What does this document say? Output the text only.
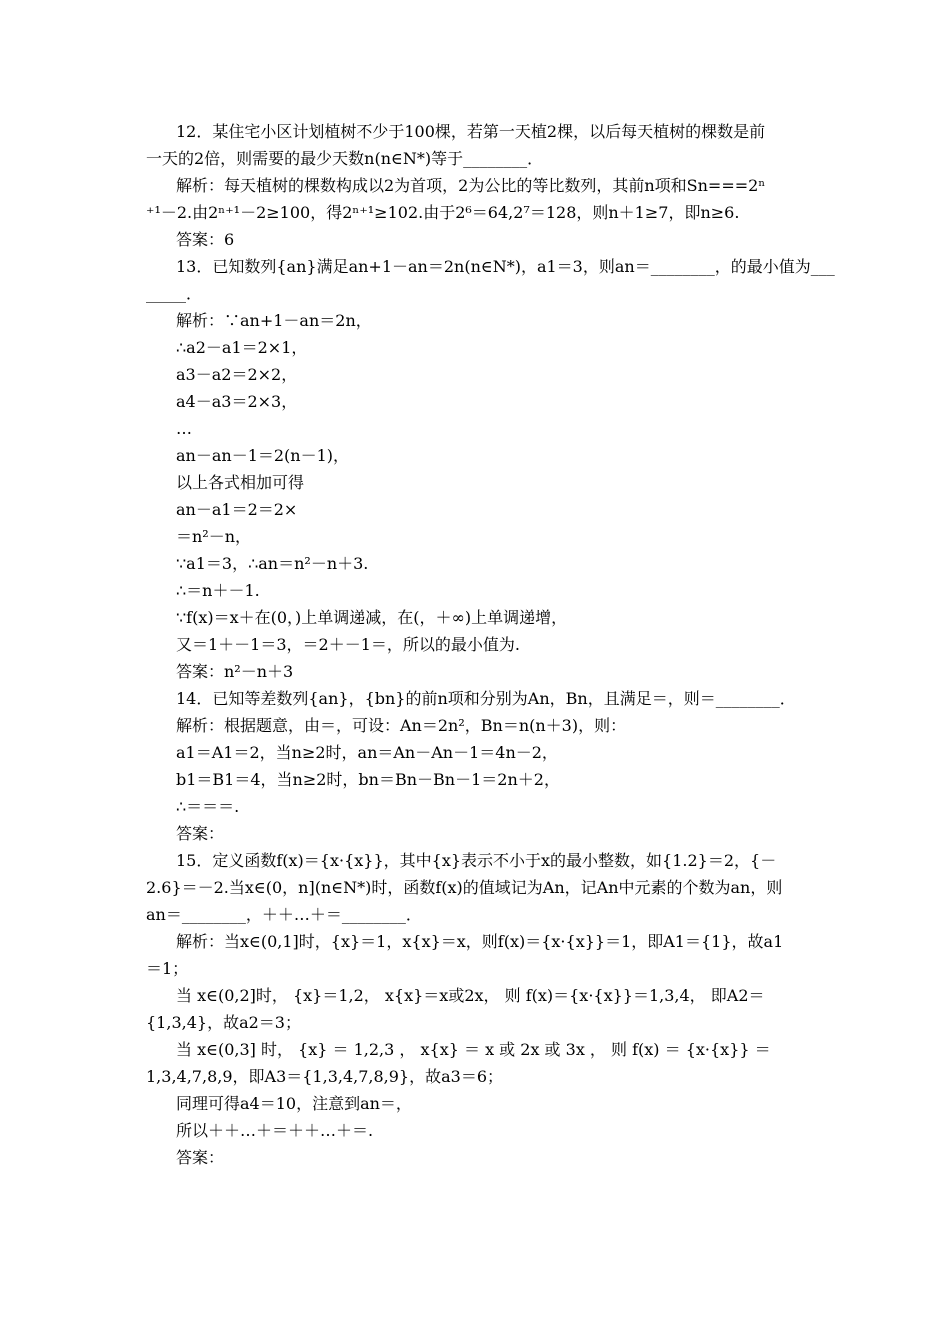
12．某住宅小区计划植树不少于100棵，若第一天植2棵，以后每天植树的棵数是前
一天的2倍，则需要的最少天数n(n∈N*)等于________．
解析：每天植树的棵数构成以2为首项，2为公比的等比数列，其前n项和Sn===2ⁿ
⁺¹－2.由2ⁿ⁺¹－2≥100，得2ⁿ⁺¹≥102.由于2⁶＝64,2⁷＝128，则n＋1≥7，即n≥6.
答案：6
13．已知数列{an}满足an+1－an＝2n(n∈N*)，a1＝3，则an＝________，的最小值为___
_____．
解析：∵an+1－an＝2n，
∴a2－a1＝2×1，
a3－a2＝2×2，
a4－a3＝2×3，
…
an－an－1＝2(n－1)，
以上各式相加可得
an－a1＝2＝2×
＝n²－n，
∵a1＝3，∴an＝n²－n＋3.
∴＝n＋－1.
∵f(x)＝x＋在(0，)上单调递减，在(，＋∞)上单调递增，
又＝1＋－1＝3，＝2＋－1＝，所以的最小值为.
答案：n²－n＋3
14．已知等差数列{an}，{bn}的前n项和分别为An，Bn，且满足＝，则＝________．
解析：根据题意，由＝，可设：An＝2n²，Bn＝n(n＋3)，则：
a1＝A1＝2，当n≥2时，an＝An－An－1＝4n－2，
b1＝B1＝4，当n≥2时，bn＝Bn－Bn－1＝2n＋2，
∴＝＝＝.
答案：
15．定义函数f(x)＝{x·{x}}，其中{x}表示不小于x的最小整数，如{1.2}＝2，{－
2.6}＝－2.当x∈(0，n](n∈N*)时，函数f(x)的值域记为An，记An中元素的个数为an，则
an＝________，＋＋…＋＝________．
解析：当x∈(0,1]时，{x}＝1，x{x}＝x，则f(x)＝{x·{x}}＝1，即A1＝{1}，故a1
＝1；
当 x∈(0,2]时， {x}＝1,2， x{x}＝x或2x， 则 f(x)＝{x·{x}}＝1,3,4， 即A2＝
{1,3,4}，故a2＝3；
当 x∈(0,3] 时， {x} ＝ 1,2,3 ， x{x} ＝ x 或 2x 或 3x ， 则 f(x) ＝ {x·{x}} ＝
1,3,4,7,8,9，即A3＝{1,3,4,7,8,9}，故a3＝6；
同理可得a4＝10，注意到an＝，
所以＋＋…＋＝＋＋…＋＝.
答案：
